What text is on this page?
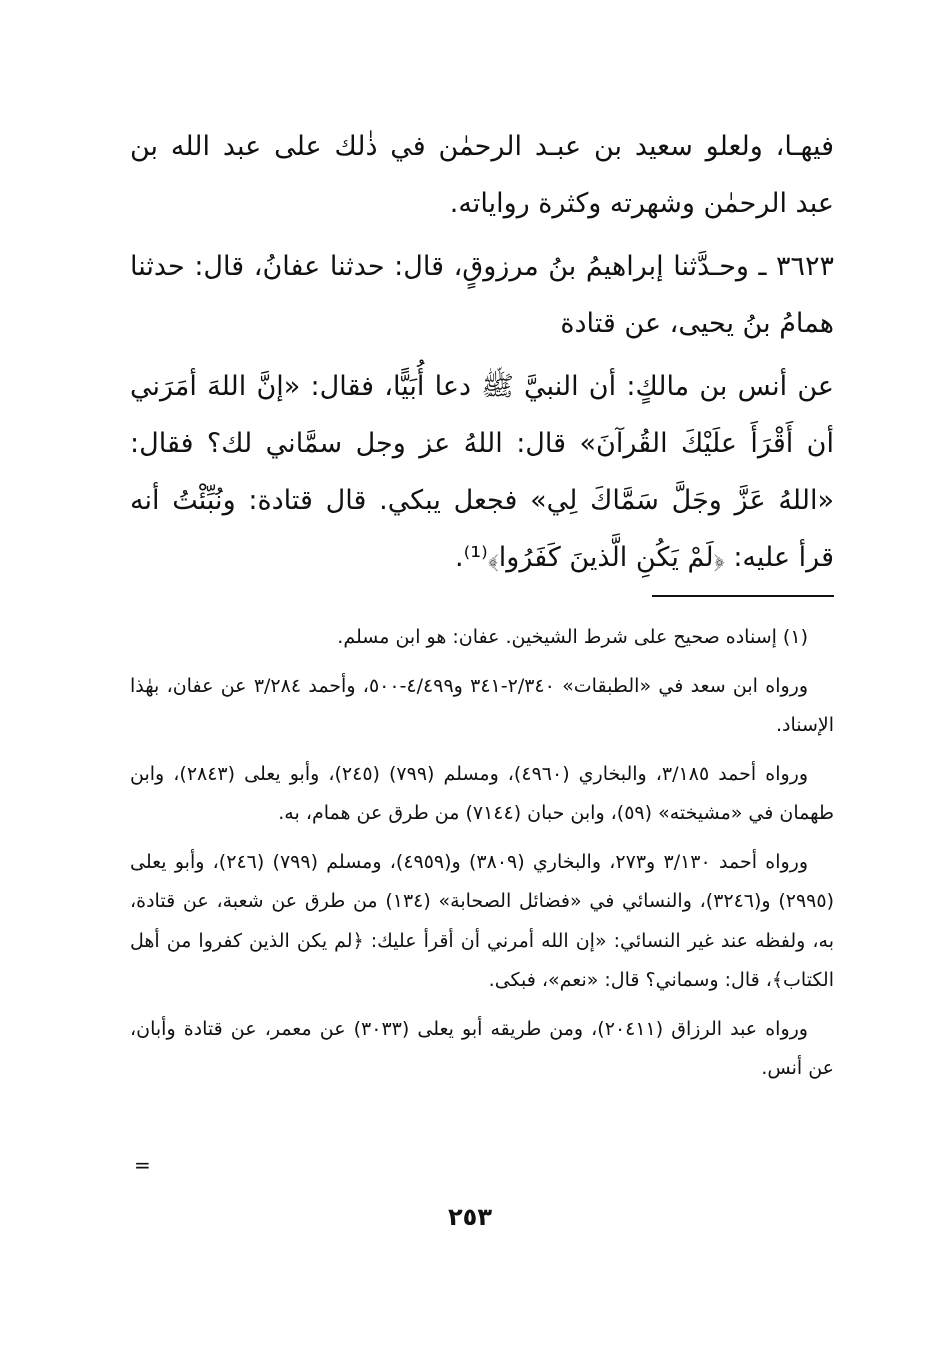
فيهـا، ولعلو سعيد بن عبـد الرحمٰن في ذٰلك على عبد الله بن عبد الرحمٰن وشهرته وكثرة رواياته.

٣٦٢٣ ـ وحـدَّثنا إبراهيمُ بنُ مرزوقٍ، قال: حدثنا عفانُ، قال: حدثنا همامُ بنُ يحيى، عن قتادة

عن أنس بن مالكٍ: أن النبيَّ ﷺ دعا أُبَيًّا، فقال: «إنَّ اللهَ أمَرَني أن أَقْرَأَ علَيْكَ القُرآنَ» قال: اللهُ عز وجل سمَّاني لك؟ فقال: «اللهُ عَزَّ وجَلَّ سَمَّاكَ لِي» فجعل يبكي. قال قتادة: ونُبِّئْتُ أنه قرأ عليه: ﴿لَمْ يَكُنِ الَّذينَ كَفَرُوا﴾⁽¹⁾.

(١) إسناده صحيح على شرط الشيخين. عفان: هو ابن مسلم.

ورواه ابن سعد في «الطبقات» ٢/٣٤٠-٣٤١ و٤/٤٩٩-٥٠٠، وأحمد ٣/٢٨٤ عن عفان، بهٰذا الإسناد.

ورواه أحمد ٣/١٨٥، والبخاري (٤٩٦٠)، ومسلم (٧٩٩) (٢٤٥)، وأبو يعلى (٢٨٤٣)، وابن طهمان في «مشيخته» (٥٩)، وابن حبان (٧١٤٤) من طرق عن همام، به.

ورواه أحمد ٣/١٣٠ و٢٧٣، والبخاري (٣٨٠٩) و(٤٩٥٩)، ومسلم (٧٩٩) (٢٤٦)، وأبو يعلى (٢٩٩٥) و(٣٢٤٦)، والنسائي في «فضائل الصحابة» (١٣٤) من طرق عن شعبة، عن قتادة، به، ولفظه عند غير النسائي: «إن الله أمرني أن أقرأ عليك: ﴿لم يكن الذين كفروا من أهل الكتاب﴾، قال: وسماني؟ قال: «نعم»، فبكى.

ورواه عبد الرزاق (٢٠٤١١)، ومن طريقه أبو يعلى (٣٠٣٣) عن معمر، عن قتادة وأبان، عن أنس.

=
٢٥٣
